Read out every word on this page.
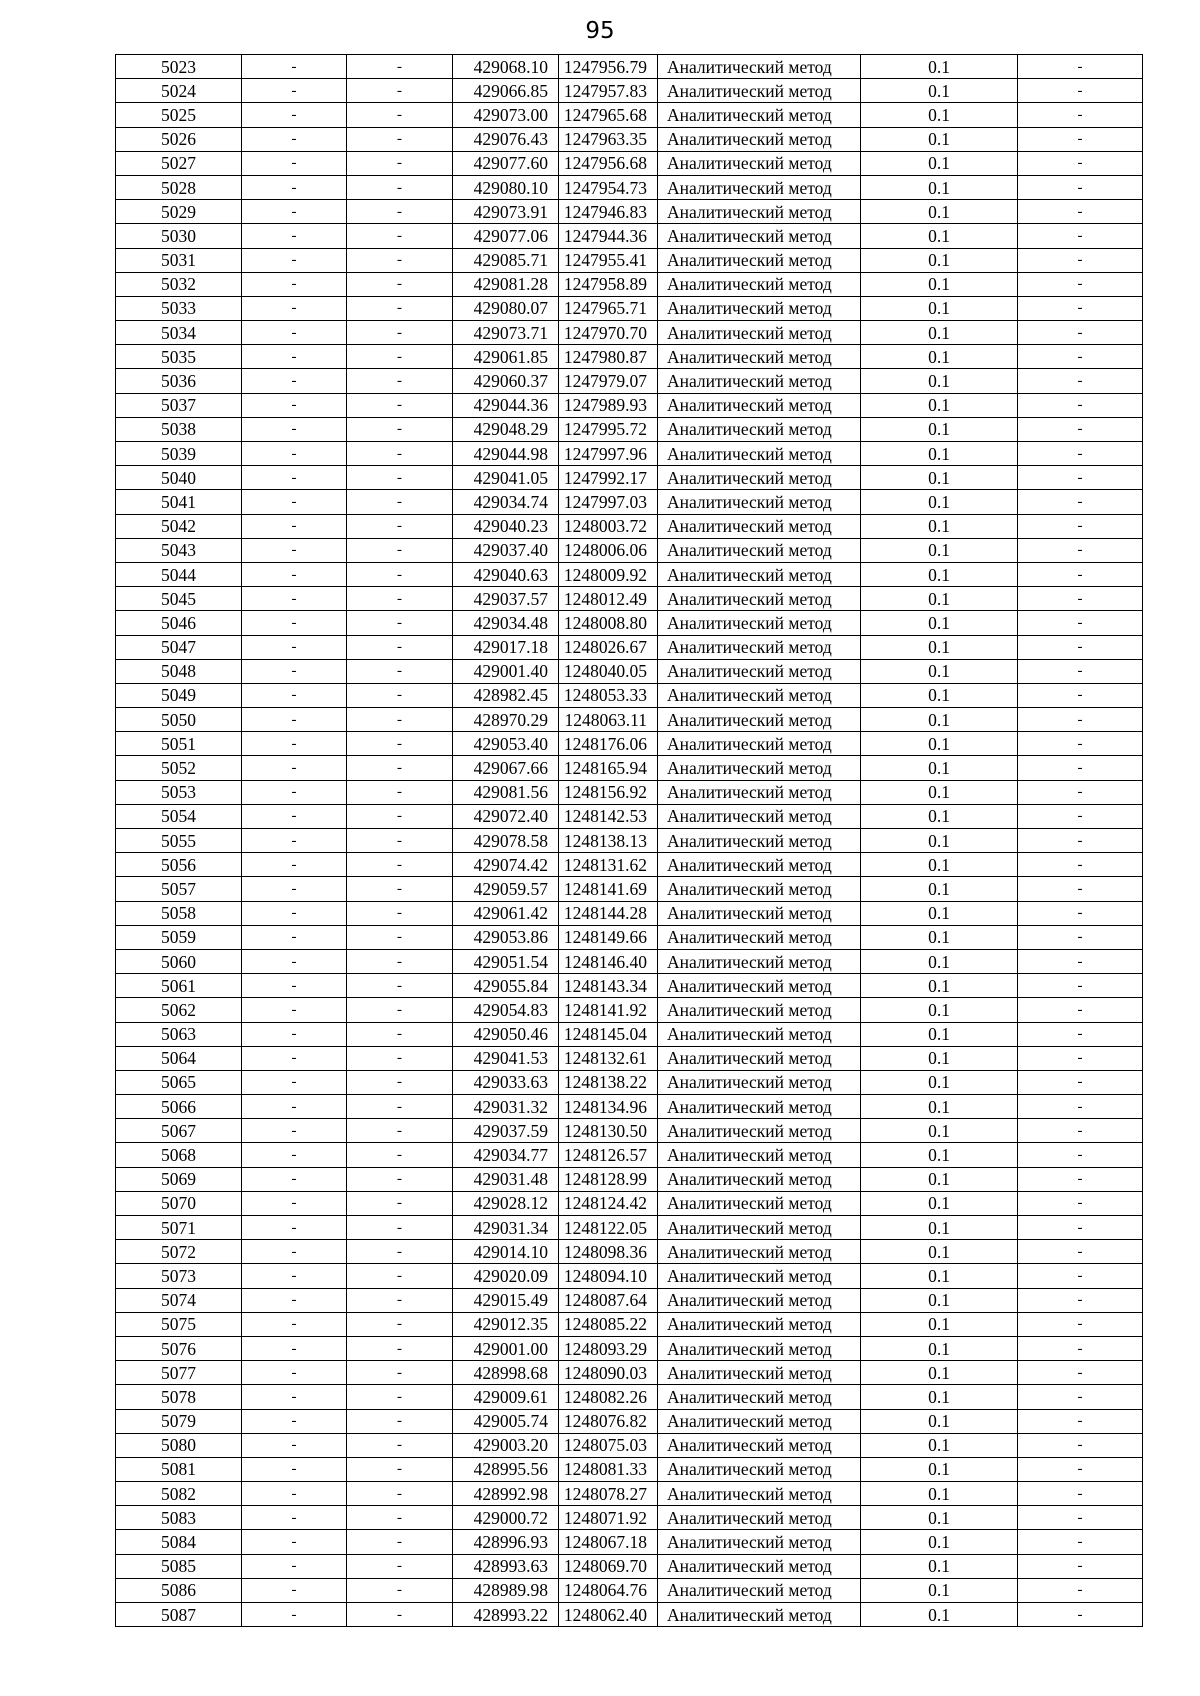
95
5023	-	-	429068.10	1247956.79	Аналитический метод	0.1	-
5024	-	-	429066.85	1247957.83	Аналитический метод	0.1	-
5025	-	-	429073.00	1247965.68	Аналитический метод	0.1	-
5026	-	-	429076.43	1247963.35	Аналитический метод	0.1	-
5027	-	-	429077.60	1247956.68	Аналитический метод	0.1	-
5028	-	-	429080.10	1247954.73	Аналитический метод	0.1	-
5029	-	-	429073.91	1247946.83	Аналитический метод	0.1	-
5030	-	-	429077.06	1247944.36	Аналитический метод	0.1	-
5031	-	-	429085.71	1247955.41	Аналитический метод	0.1	-
5032	-	-	429081.28	1247958.89	Аналитический метод	0.1	-
5033	-	-	429080.07	1247965.71	Аналитический метод	0.1	-
5034	-	-	429073.71	1247970.70	Аналитический метод	0.1	-
5035	-	-	429061.85	1247980.87	Аналитический метод	0.1	-
5036	-	-	429060.37	1247979.07	Аналитический метод	0.1	-
5037	-	-	429044.36	1247989.93	Аналитический метод	0.1	-
5038	-	-	429048.29	1247995.72	Аналитический метод	0.1	-
5039	-	-	429044.98	1247997.96	Аналитический метод	0.1	-
5040	-	-	429041.05	1247992.17	Аналитический метод	0.1	-
5041	-	-	429034.74	1247997.03	Аналитический метод	0.1	-
5042	-	-	429040.23	1248003.72	Аналитический метод	0.1	-
5043	-	-	429037.40	1248006.06	Аналитический метод	0.1	-
5044	-	-	429040.63	1248009.92	Аналитический метод	0.1	-
5045	-	-	429037.57	1248012.49	Аналитический метод	0.1	-
5046	-	-	429034.48	1248008.80	Аналитический метод	0.1	-
5047	-	-	429017.18	1248026.67	Аналитический метод	0.1	-
5048	-	-	429001.40	1248040.05	Аналитический метод	0.1	-
5049	-	-	428982.45	1248053.33	Аналитический метод	0.1	-
5050	-	-	428970.29	1248063.11	Аналитический метод	0.1	-
5051	-	-	429053.40	1248176.06	Аналитический метод	0.1	-
5052	-	-	429067.66	1248165.94	Аналитический метод	0.1	-
5053	-	-	429081.56	1248156.92	Аналитический метод	0.1	-
5054	-	-	429072.40	1248142.53	Аналитический метод	0.1	-
5055	-	-	429078.58	1248138.13	Аналитический метод	0.1	-
5056	-	-	429074.42	1248131.62	Аналитический метод	0.1	-
5057	-	-	429059.57	1248141.69	Аналитический метод	0.1	-
5058	-	-	429061.42	1248144.28	Аналитический метод	0.1	-
5059	-	-	429053.86	1248149.66	Аналитический метод	0.1	-
5060	-	-	429051.54	1248146.40	Аналитический метод	0.1	-
5061	-	-	429055.84	1248143.34	Аналитический метод	0.1	-
5062	-	-	429054.83	1248141.92	Аналитический метод	0.1	-
5063	-	-	429050.46	1248145.04	Аналитический метод	0.1	-
5064	-	-	429041.53	1248132.61	Аналитический метод	0.1	-
5065	-	-	429033.63	1248138.22	Аналитический метод	0.1	-
5066	-	-	429031.32	1248134.96	Аналитический метод	0.1	-
5067	-	-	429037.59	1248130.50	Аналитический метод	0.1	-
5068	-	-	429034.77	1248126.57	Аналитический метод	0.1	-
5069	-	-	429031.48	1248128.99	Аналитический метод	0.1	-
5070	-	-	429028.12	1248124.42	Аналитический метод	0.1	-
5071	-	-	429031.34	1248122.05	Аналитический метод	0.1	-
5072	-	-	429014.10	1248098.36	Аналитический метод	0.1	-
5073	-	-	429020.09	1248094.10	Аналитический метод	0.1	-
5074	-	-	429015.49	1248087.64	Аналитический метод	0.1	-
5075	-	-	429012.35	1248085.22	Аналитический метод	0.1	-
5076	-	-	429001.00	1248093.29	Аналитический метод	0.1	-
5077	-	-	428998.68	1248090.03	Аналитический метод	0.1	-
5078	-	-	429009.61	1248082.26	Аналитический метод	0.1	-
5079	-	-	429005.74	1248076.82	Аналитический метод	0.1	-
5080	-	-	429003.20	1248075.03	Аналитический метод	0.1	-
5081	-	-	428995.56	1248081.33	Аналитический метод	0.1	-
5082	-	-	428992.98	1248078.27	Аналитический метод	0.1	-
5083	-	-	429000.72	1248071.92	Аналитический метод	0.1	-
5084	-	-	428996.93	1248067.18	Аналитический метод	0.1	-
5085	-	-	428993.63	1248069.70	Аналитический метод	0.1	-
5086	-	-	428989.98	1248064.76	Аналитический метод	0.1	-
5087	-	-	428993.22	1248062.40	Аналитический метод	0.1	-
